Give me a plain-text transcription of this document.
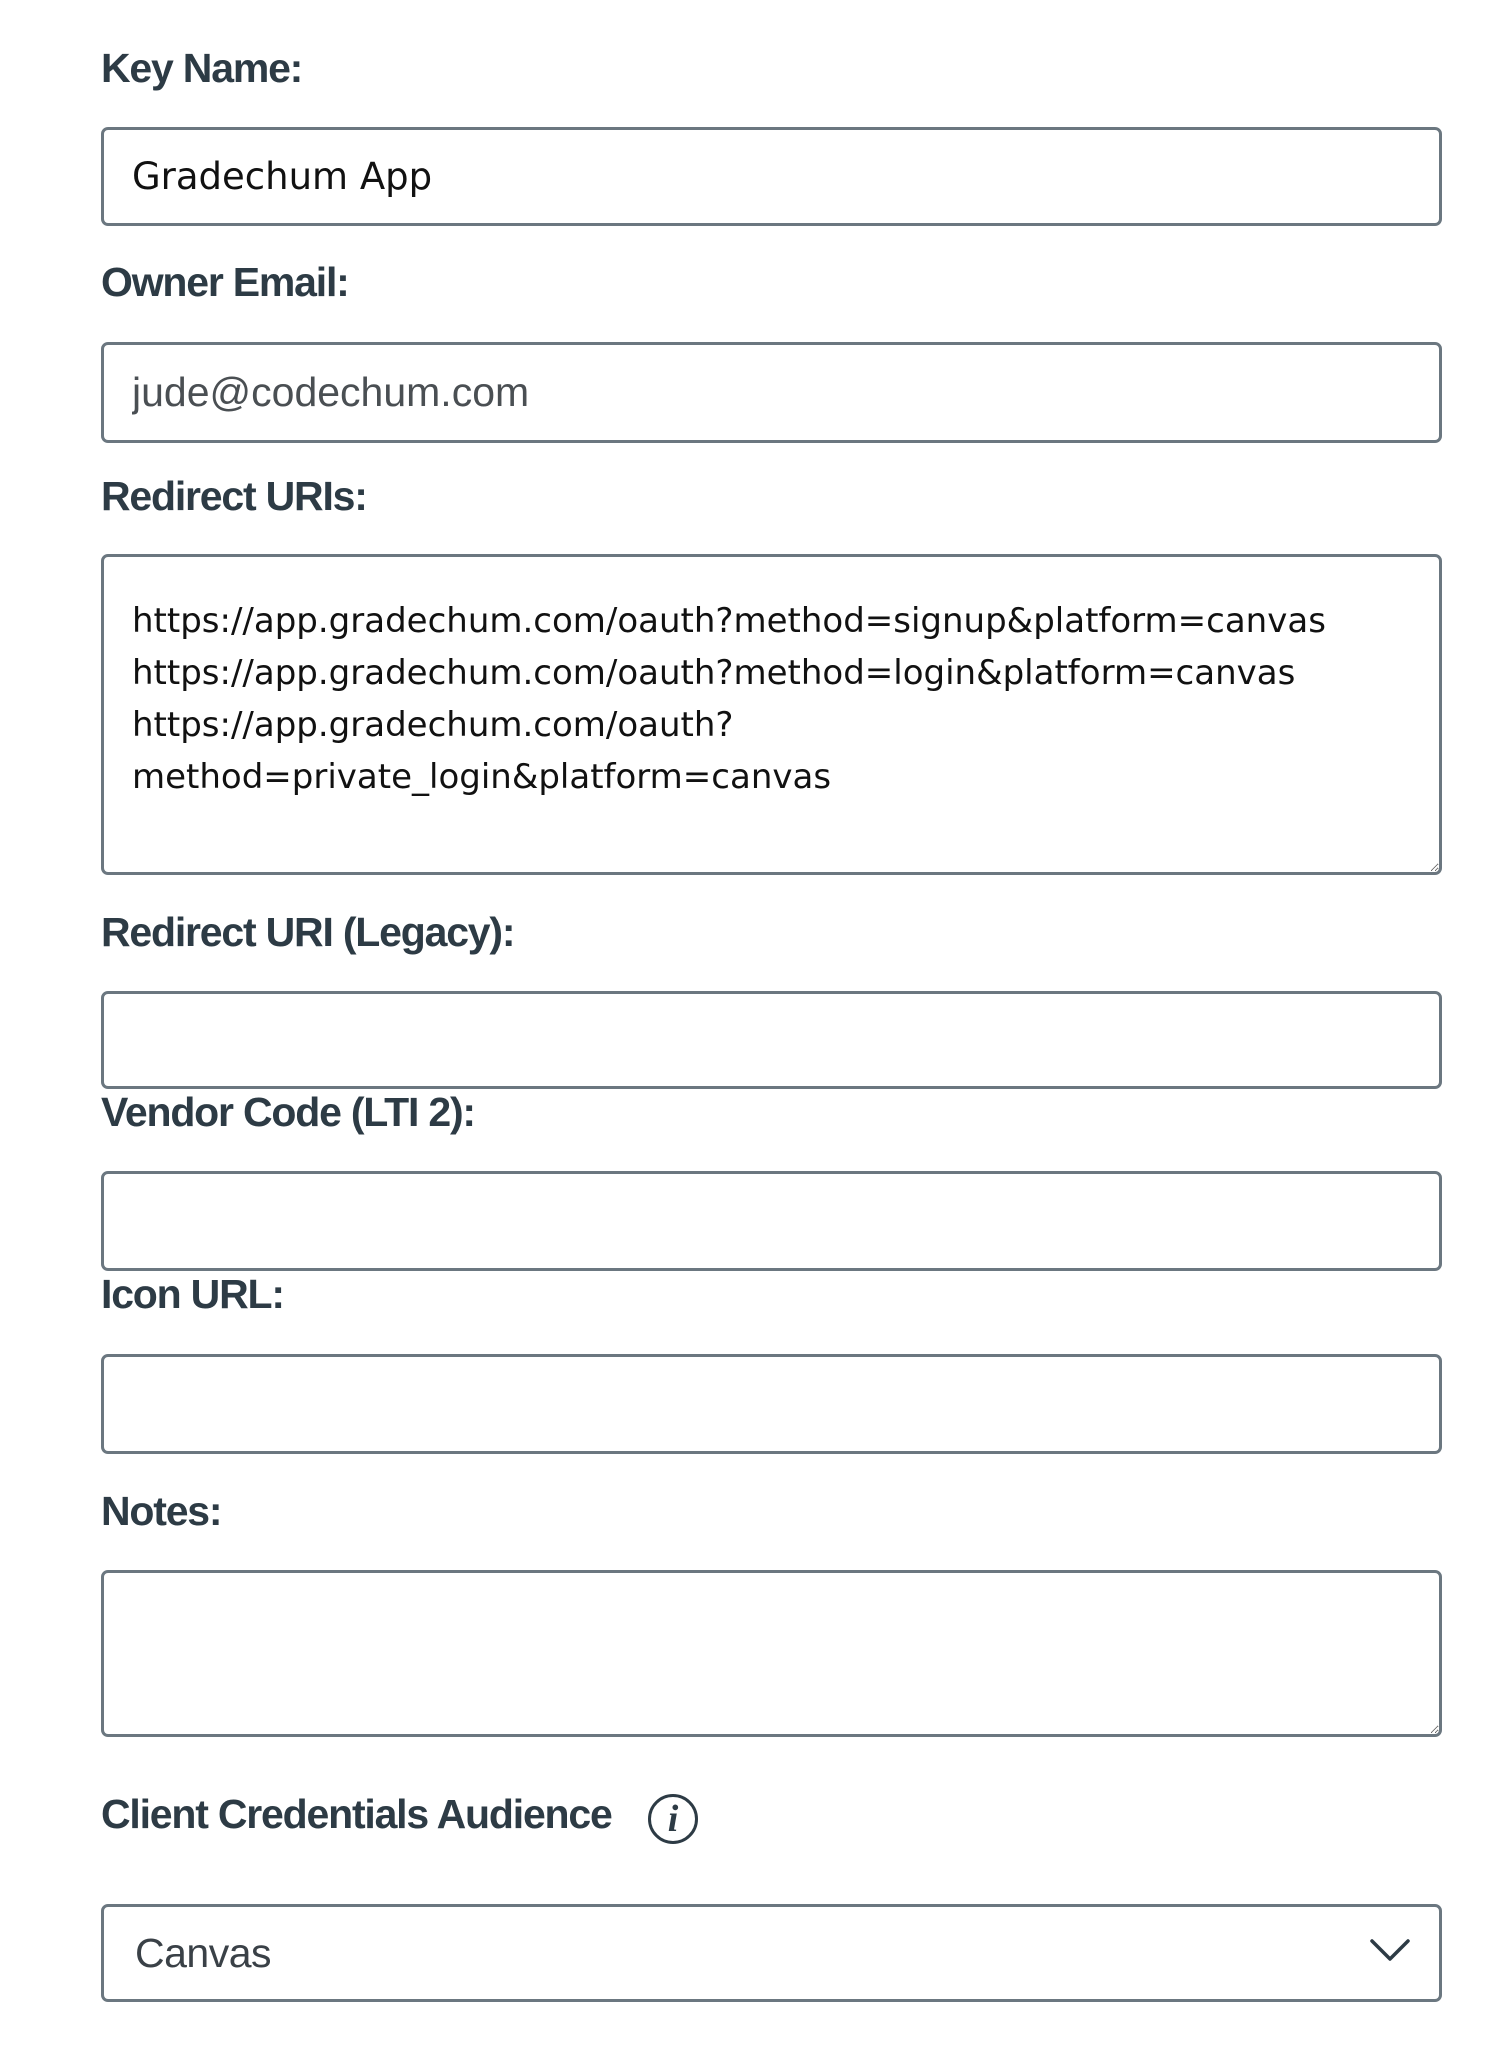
Key Name:
Gradechum App
Owner Email:
jude@codechum.com
Redirect URIs:
https://app.gradechum.com/oauth?method=signup&platform=canvas https://app.gradechum.com/oauth?method=login&platform=canvas https://app.gradechum.com/oauth?method=private_login&platform=canvas
Redirect URI (Legacy):
Vendor Code (LTI 2):
Icon URL:
Notes:
Client Credentials Audience	i
Canvas
